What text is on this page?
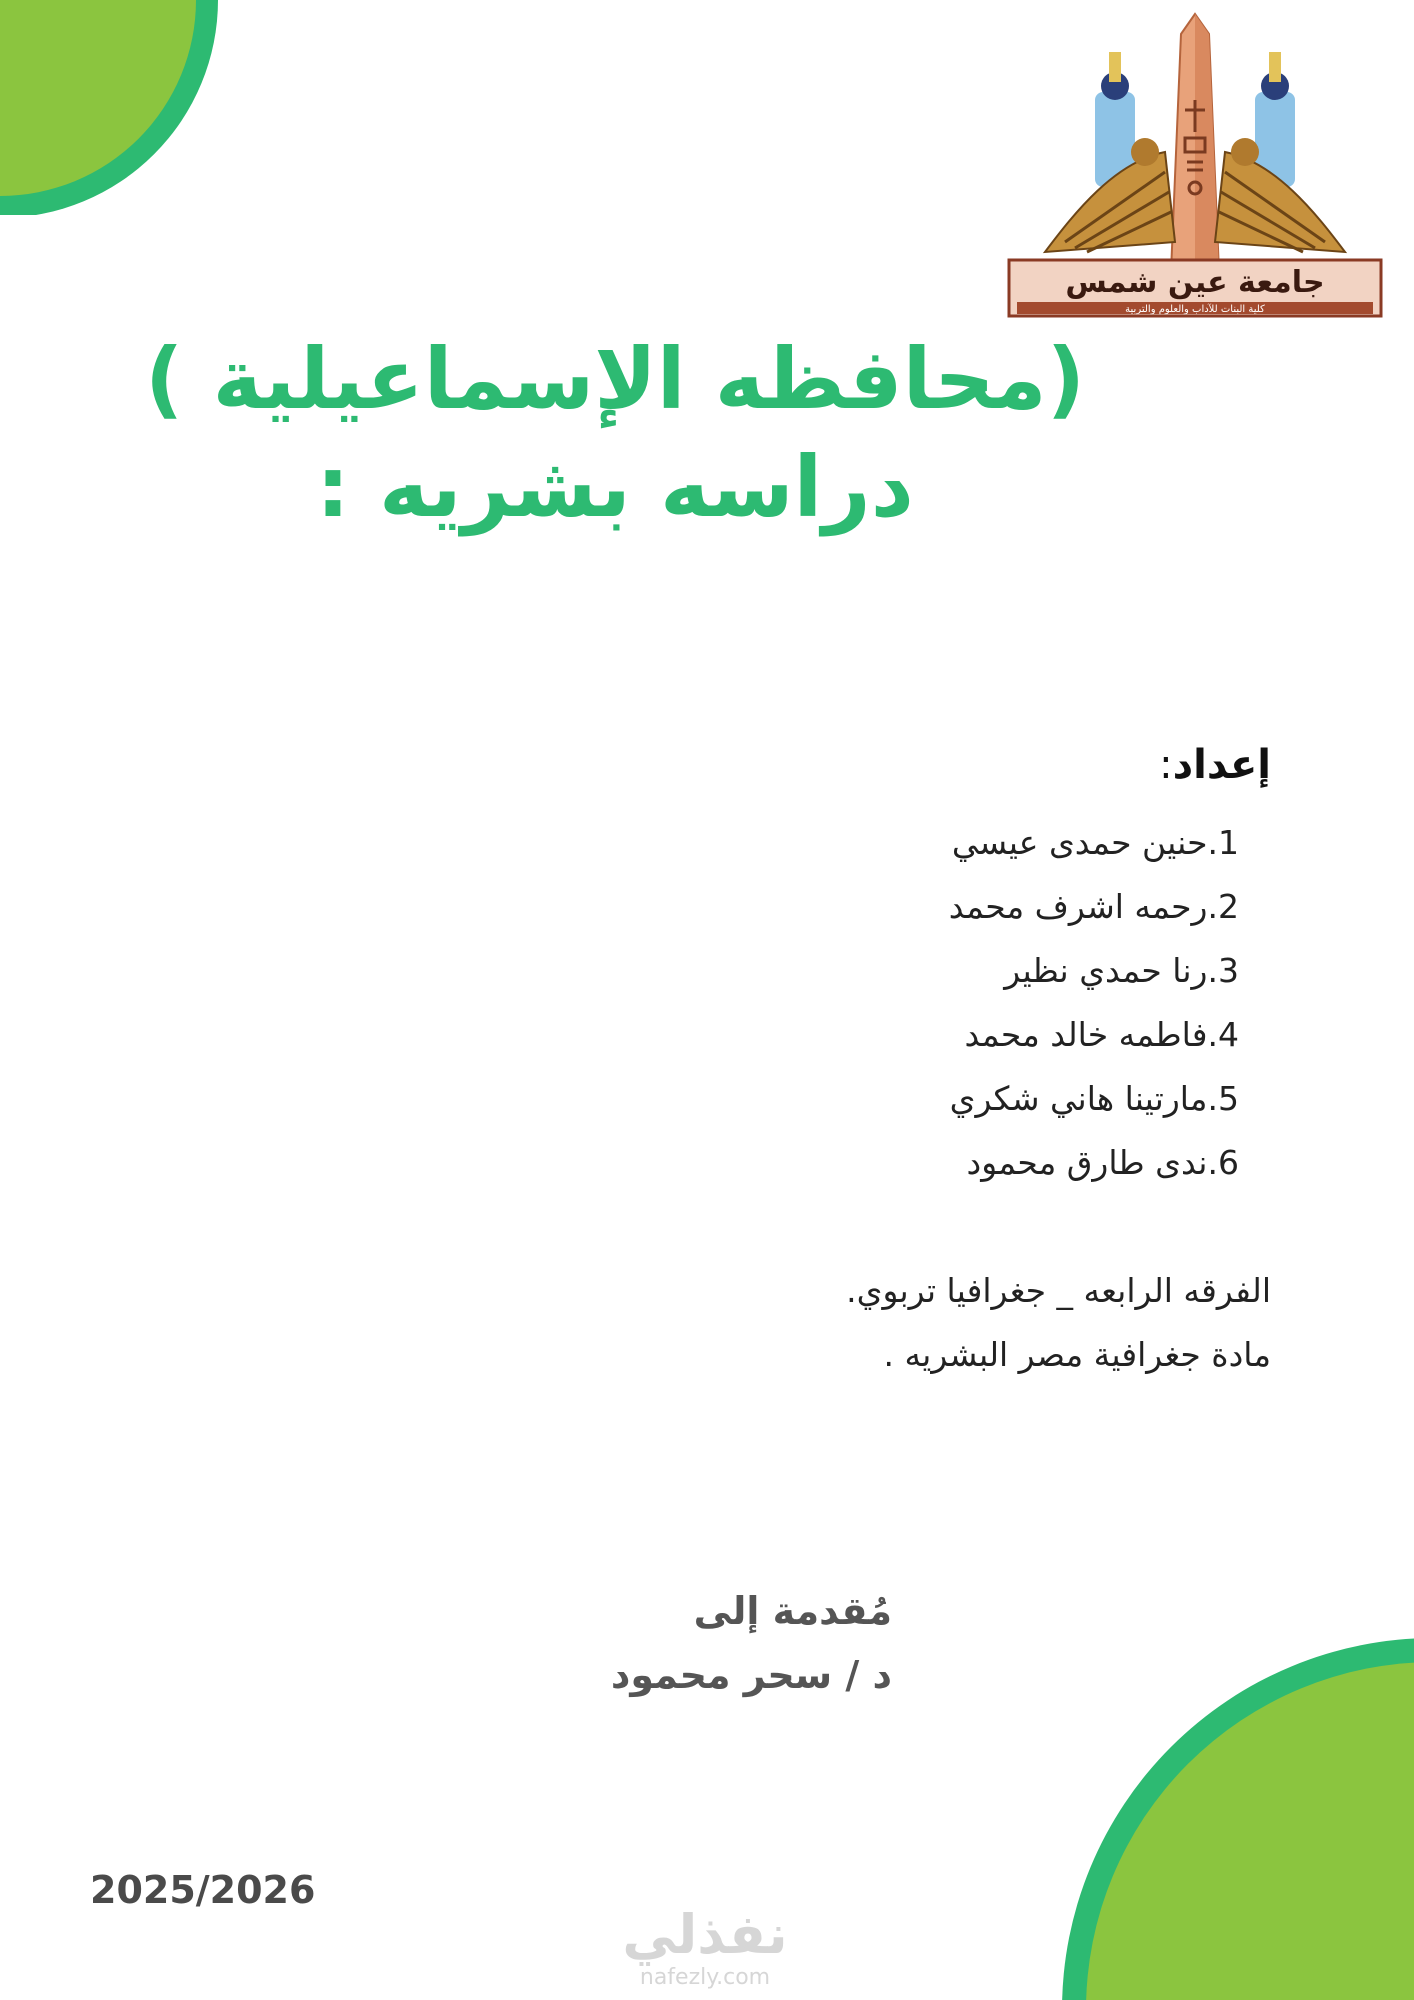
جامعة عين شمس
كلية البنات للآداب والعلوم والتربية
(محافظه الإسماعيلية )
دراسه بشريه :
إعداد:
1.حنين حمدى عيسي
2.رحمه اشرف محمد
3.رنا حمدي نظير
4.فاطمه خالد محمد
5.مارتينا هاني شكري
6.ندى طارق محمود
الفرقه الرابعه _ جغرافيا تربوي.
مادة جغرافية مصر البشريه .
مُقدمة إلى
د / سحر محمود
2025/2026
نفذلي
nafezly.com
